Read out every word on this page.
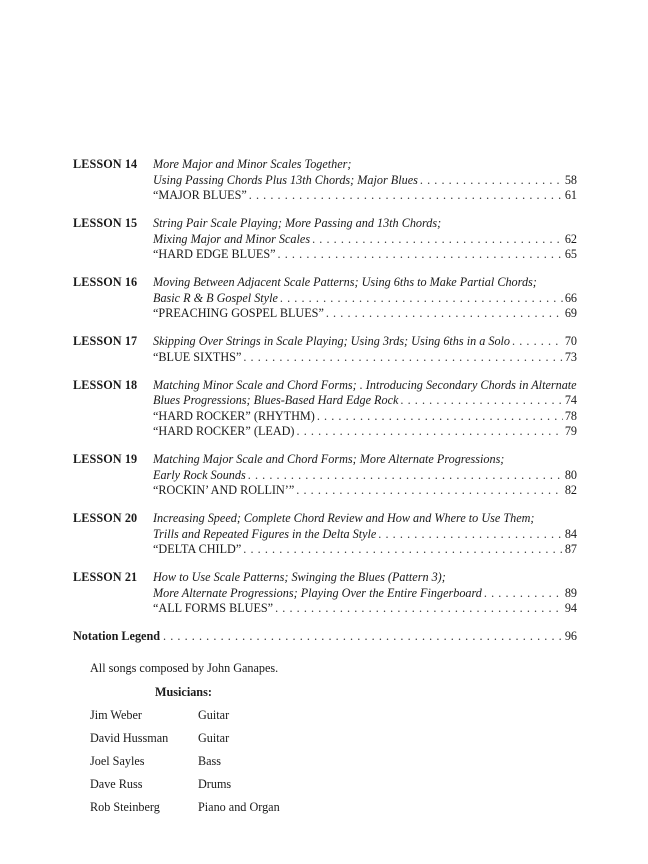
LESSON 14 More Major and Minor Scales Together;
Using Passing Chords Plus 13th Chords; Major Blues . . .	58
“MAJOR BLUES” . . .	61
LESSON 15 String Pair Scale Playing; More Passing and 13th Chords;
Mixing Major and Minor Scales . . .	62
“HARD EDGE BLUES” . . .	65
LESSON 16 Moving Between Adjacent Scale Patterns; Using 6ths to Make Partial Chords;
Basic R & B Gospel Style . . .	66
“PREACHING GOSPEL BLUES” . . .	69
LESSON 17 Skipping Over Strings in Scale Playing; Using 3rds; Using 6ths in a Solo . . .	70
“BLUE SIXTHS” . . .	73
LESSON 18 Matching Minor Scale and Chord Forms; . Introducing Secondary Chords in Alternate
Blues Progressions; Blues-Based Hard Edge Rock . . .	74
“HARD ROCKER” (RHYTHM) . . .	78
“HARD ROCKER” (LEAD) . . .	79
LESSON 19 Matching Major Scale and Chord Forms; More Alternate Progressions;
Early Rock Sounds . . .	80
“ROCKIN’ AND ROLLIN’” . . .	82
LESSON 20 Increasing Speed; Complete Chord Review and How and Where to Use Them;
Trills and Repeated Figures in the Delta Style . . .	84
“DELTA CHILD” . . .	87
LESSON 21 How to Use Scale Patterns; Swinging the Blues (Pattern 3);
More Alternate Progressions; Playing Over the Entire Fingerboard . . .	89
“ALL FORMS BLUES” . . .	94
Notation Legend . . .	96

All songs composed by John Ganapes.

Musicians:
Jim Weber	Guitar
David Hussman	Guitar
Joel Sayles	Bass
Dave Russ	Drums
Rob Steinberg	Piano and Organ
